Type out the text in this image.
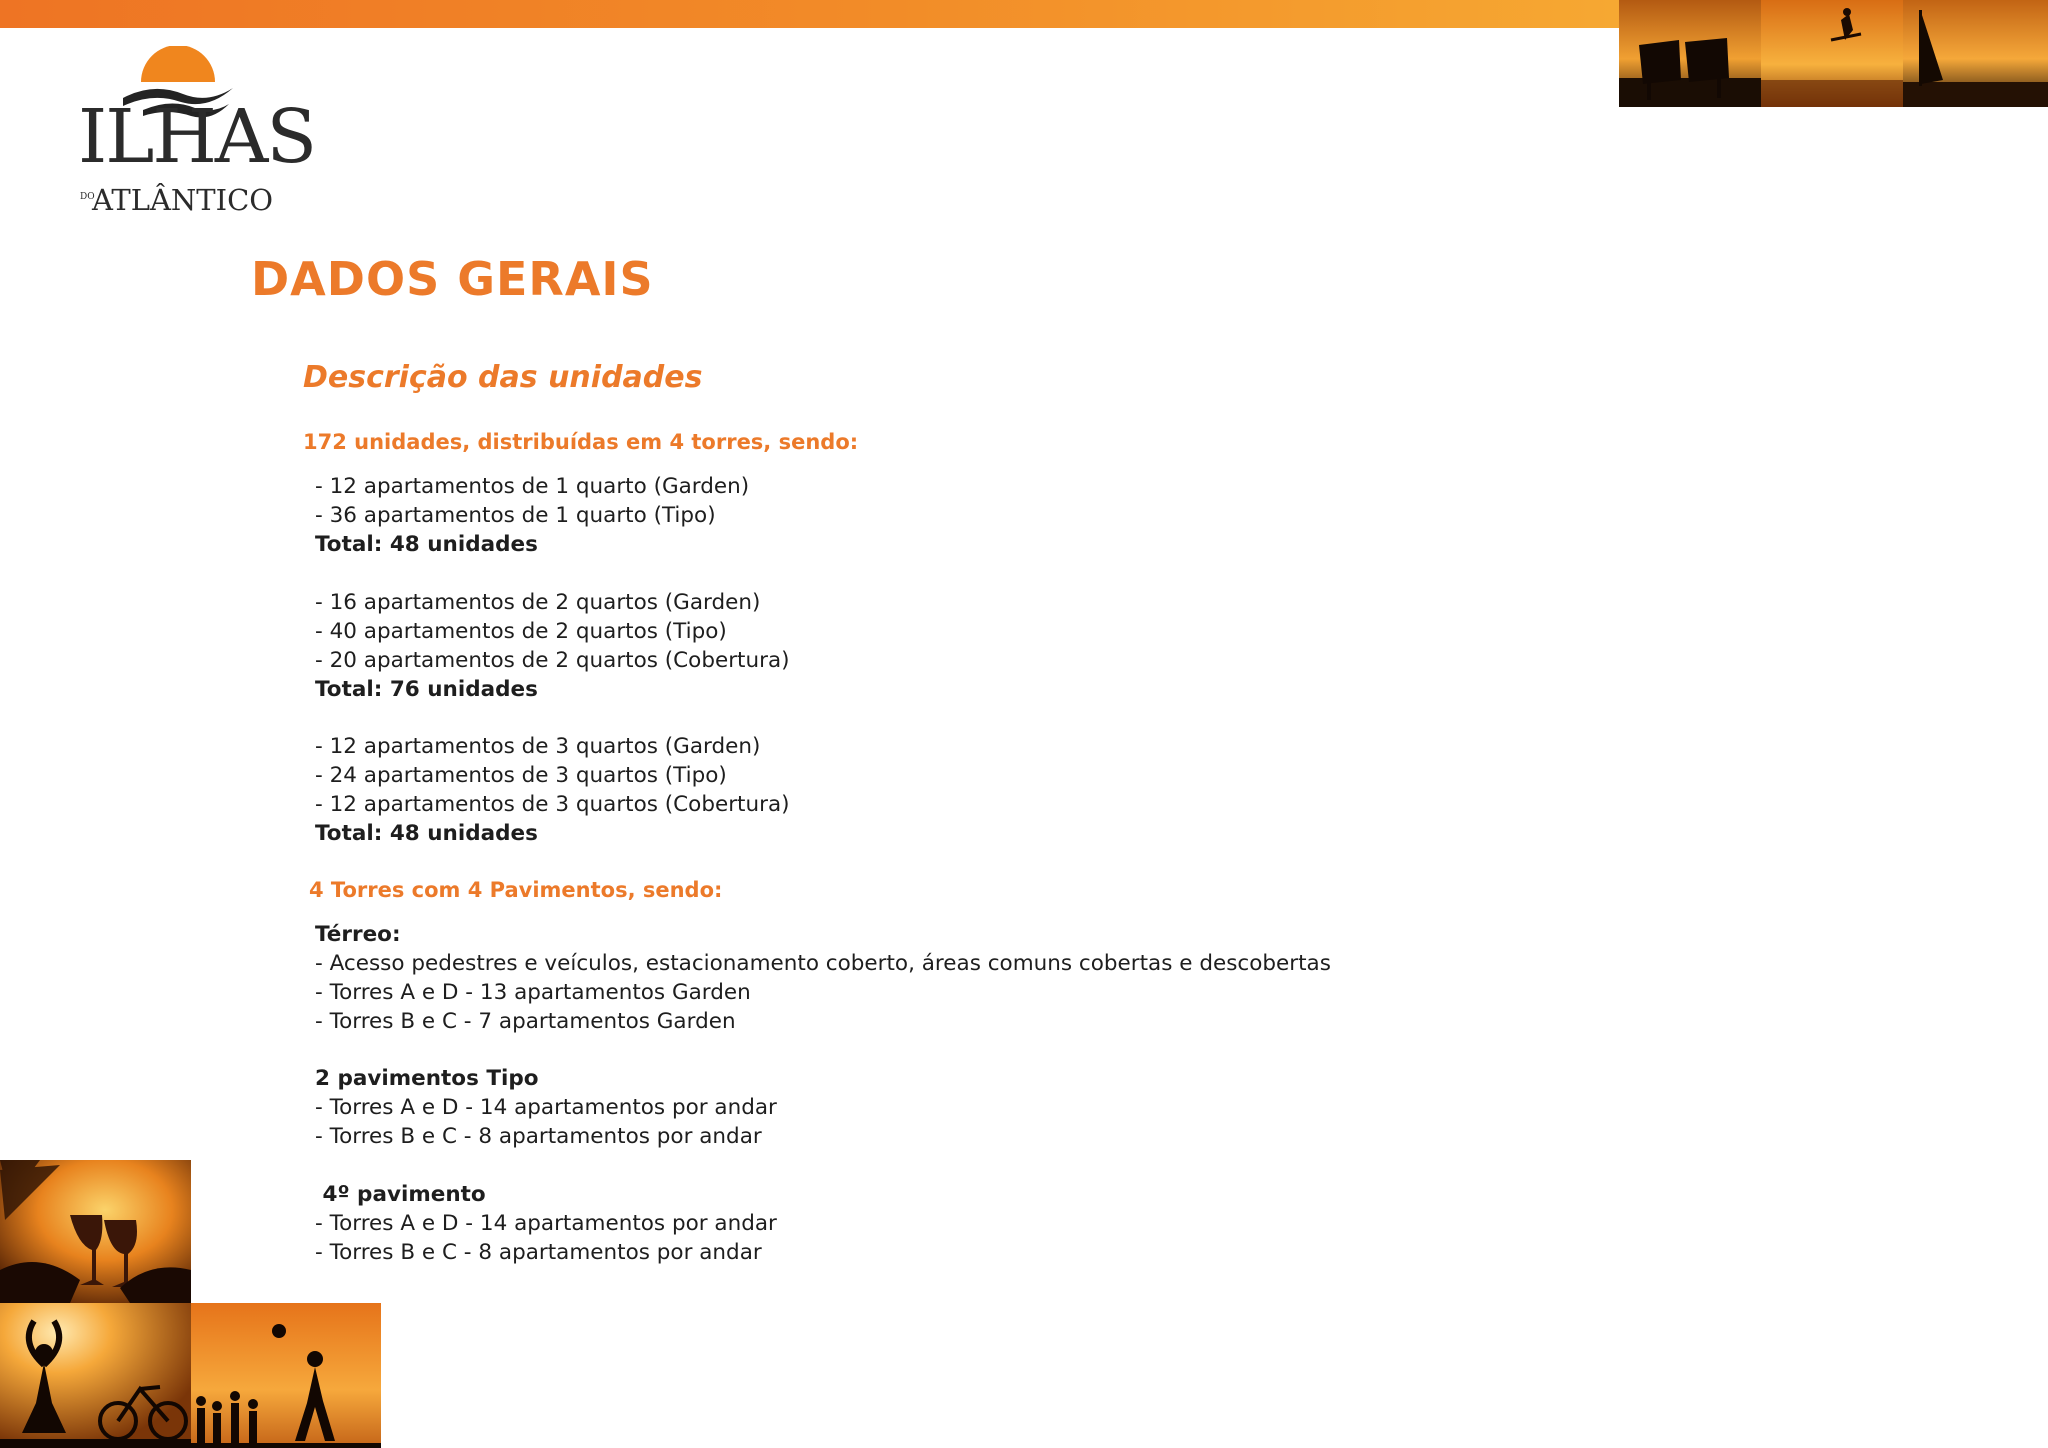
ILHAS
DO
ATLÂNTICO
DADOS GERAIS
Descrição das unidades
172 unidades, distribuídas em 4 torres, sendo:
- 12 apartamentos de 1 quarto (Garden)
- 36 apartamentos de 1 quarto (Tipo)
Total: 48 unidades
- 16 apartamentos de 2 quartos (Garden)
- 40 apartamentos de 2 quartos (Tipo)
- 20 apartamentos de 2 quartos (Cobertura)
Total: 76 unidades
- 12 apartamentos de 3 quartos (Garden)
- 24 apartamentos de 3 quartos (Tipo)
- 12 apartamentos de 3 quartos (Cobertura)
Total: 48 unidades
4 Torres com 4 Pavimentos, sendo:
Térreo:
- Acesso pedestres e veículos, estacionamento coberto, áreas comuns cobertas e descobertas
- Torres A e D - 13 apartamentos Garden
- Torres B e C - 7 apartamentos Garden
2 pavimentos Tipo
- Torres A e D - 14 apartamentos por andar
- Torres B e C - 8 apartamentos por andar
4º pavimento
- Torres A e D - 14 apartamentos por andar
- Torres B e C - 8 apartamentos por andar
